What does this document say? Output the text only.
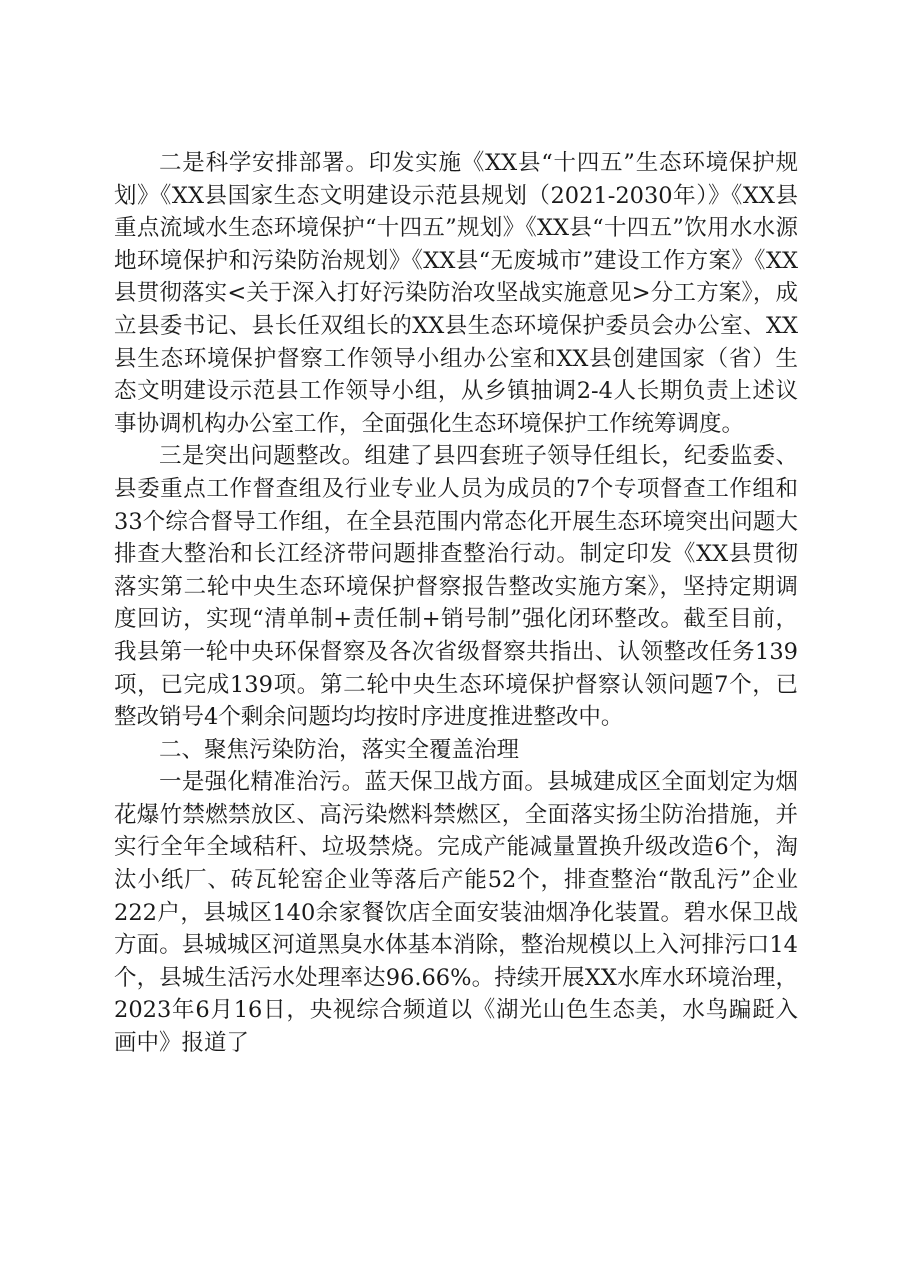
二是科学安排部署。印发实施《XX县“十四五”生态环境保护规划》《XX县国家生态文明建设示范县规划（2021-2030年）》《XX县重点流域水生态环境保护“十四五”规划》《XX县“十四五”饮用水水源地环境保护和污染防治规划》《XX县“无废城市”建设工作方案》《XX县贯彻落实<关于深入打好污染防治攻坚战实施意见>分工方案》，成立县委书记、县长任双组长的XX县生态环境保护委员会办公室、XX县生态环境保护督察工作领导小组办公室和XX县创建国家（省）生态文明建设示范县工作领导小组，从乡镇抽调2-4人长期负责上述议事协调机构办公室工作，全面强化生态环境保护工作统筹调度。

三是突出问题整改。组建了县四套班子领导任组长，纪委监委、县委重点工作督查组及行业专业人员为成员的7个专项督查工作组和33个综合督导工作组，在全县范围内常态化开展生态环境突出问题大排查大整治和长江经济带问题排查整治行动。制定印发《XX县贯彻落实第二轮中央生态环境保护督察报告整改实施方案》，坚持定期调度回访，实现“清单制+责任制+销号制”强化闭环整改。截至目前，我县第一轮中央环保督察及各次省级督察共指出、认领整改任务139项，已完成139项。第二轮中央生态环境保护督察认领问题7个，已整改销号4个剩余问题均均按时序进度推进整改中。

二、聚焦污染防治，落实全覆盖治理

一是强化精准治污。蓝天保卫战方面。县城建成区全面划定为烟花爆竹禁燃禁放区、高污染燃料禁燃区，全面落实扬尘防治措施，并实行全年全域秸秆、垃圾禁烧。完成产能减量置换升级改造6个，淘汰小纸厂、砖瓦轮窑企业等落后产能52个，排查整治“散乱污”企业222户，县城区140余家餐饮店全面安装油烟净化装置。碧水保卫战方面。县城城区河道黑臭水体基本消除，整治规模以上入河排污口14个，县城生活污水处理率达96.66%。持续开展XX水库水环境治理，2023年6月16日，央视综合频道以《湖光山色生态美，水鸟蹁跹入画中》报道了
